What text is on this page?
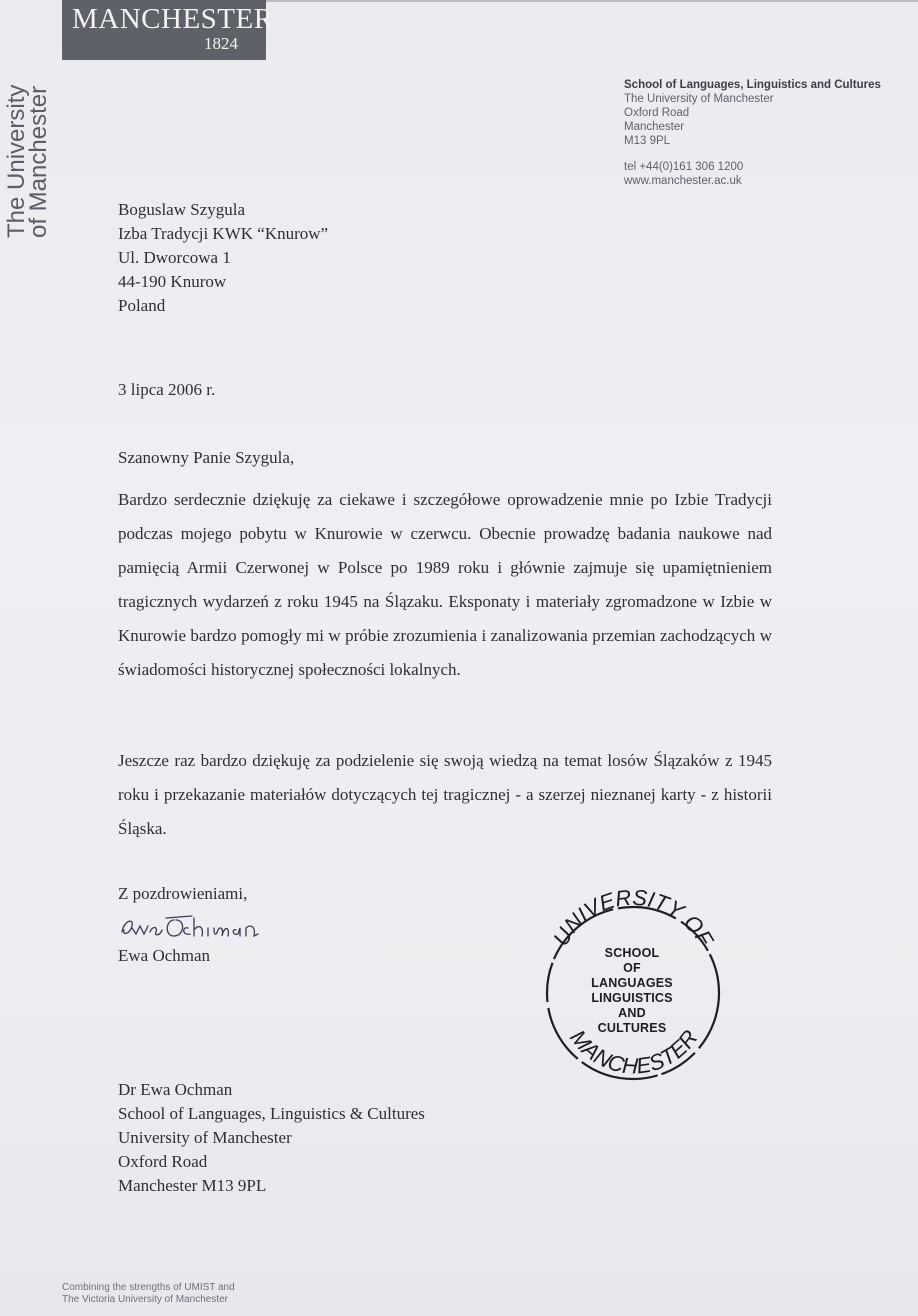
MANCHESTER
1824
The University
of Manchester
School of Languages, Linguistics and Cultures
The University of Manchester
Oxford Road
Manchester
M13 9PL
tel +44(0)161 306 1200
www.manchester.ac.uk
Boguslaw Szygula
Izba Tradycji KWK “Knurow”
Ul. Dworcowa 1
44-190 Knurow
Poland
3 lipca 2006 r.
Szanowny Panie Szygula,
Bardzo serdecznie dziękuję za ciekawe i szczegółowe oprowadzenie mnie po Izbie Tradycji podczas mojego pobytu w Knurowie w czerwcu. Obecnie prowadzę badania naukowe nad pamięcią Armii Czerwonej w Polsce po 1989 roku i głównie zajmuje się upamiętnieniem tragicznych wydarzeń z roku 1945 na Ślązaku. Eksponaty i materiały zgromadzone w Izbie w Knurowie bardzo pomogły mi w próbie zrozumienia i zanalizowania przemian zachodzących w świadomości historycznej społeczności lokalnych.
Jeszcze raz bardzo dziękuję za podzielenie się swoją wiedzą na temat losów Ślązaków z 1945 roku i przekazanie materiałów dotyczących tej tragicznej - a szerzej nieznanej karty - z historii Śląska.
Z pozdrowieniami,
Ewa Ochman
Ewa Ochman
UNIVERSITY OF
MANCHESTER
SCHOOL
OF
LANGUAGES
LINGUISTICS
AND
CULTURES
Dr Ewa Ochman
School of Languages, Linguistics & Cultures
University of Manchester
Oxford Road
Manchester M13 9PL
Combining the strengths of UMIST and
The Victoria University of Manchester
